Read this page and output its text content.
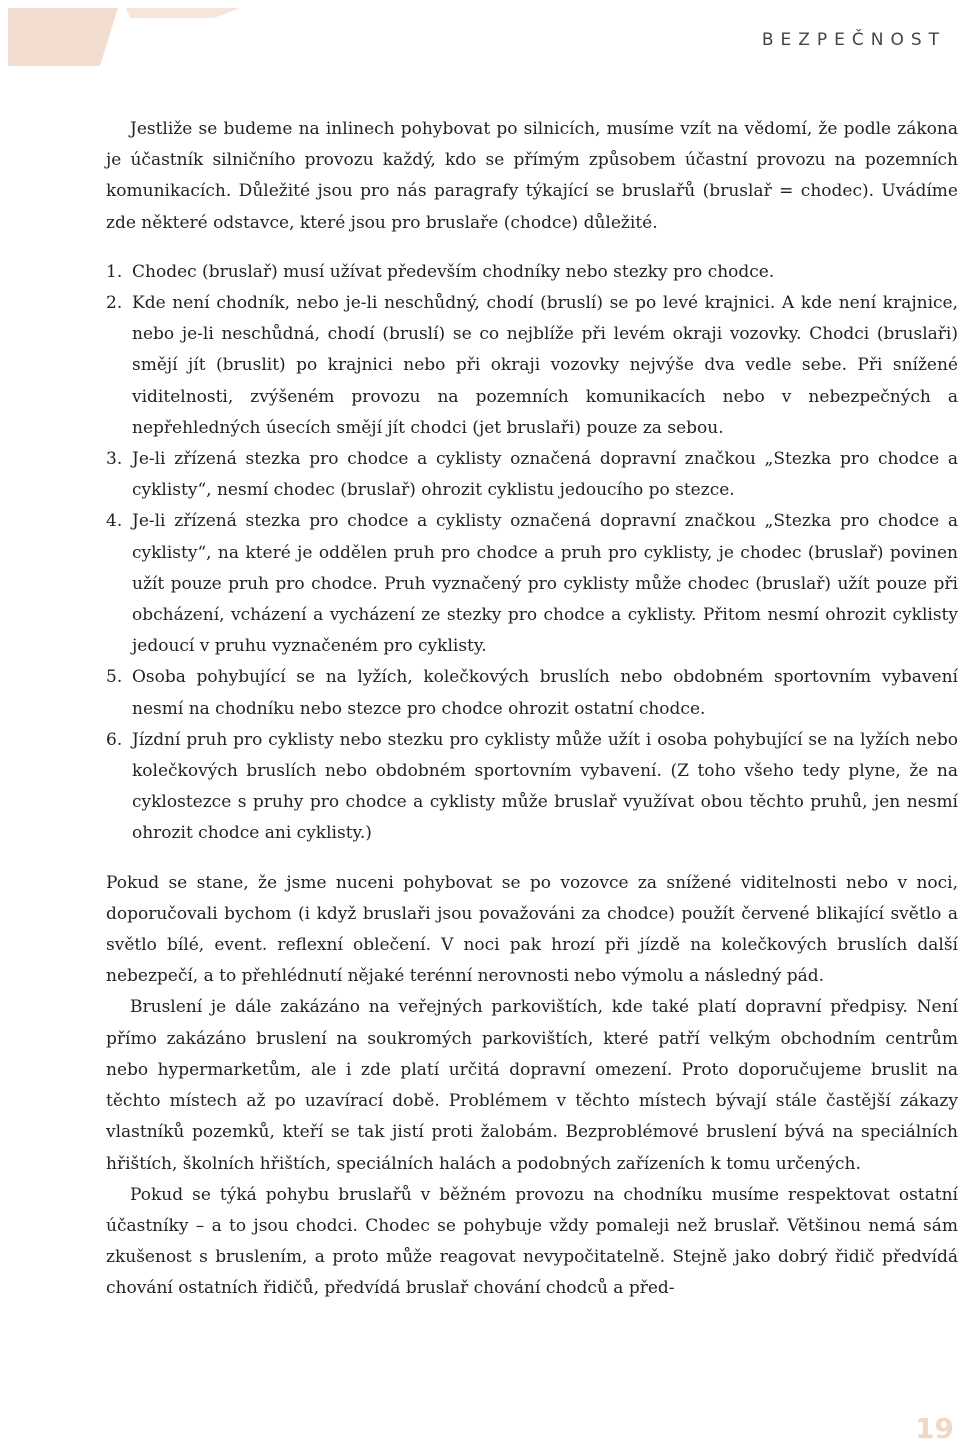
BEZPEČNOST

Jestliže se budeme na inlinech pohybovat po silnicích, musíme vzít na vědomí, že podle zákona je účastník silničního provozu každý, kdo se přímým způsobem účastní provozu na pozemních komunikacích. Důležité jsou pro nás paragrafy týkající se bruslařů (bruslař = chodec). Uvádíme zde některé odstavce, které jsou pro bruslaře (chodce) důležité.

1. Chodec (bruslař) musí užívat především chodníky nebo stezky pro chodce.
2. Kde není chodník, nebo je-li neschůdný, chodí (bruslí) se po levé krajnici. A kde není krajnice, nebo je-li neschůdná, chodí (bruslí) se co nejblíže při levém okraji vozovky. Chodci (bruslaři) smějí jít (bruslit) po krajnici nebo při okraji vozovky nejvýše dva vedle sebe. Při snížené viditelnosti, zvýšeném provozu na pozemních komunikacích nebo v nebezpečných a nepřehledných úsecích smějí jít chodci (jet bruslaři) pouze za sebou.
3. Je-li zřízená stezka pro chodce a cyklisty označená dopravní značkou „Stezka pro chodce a cyklisty“, nesmí chodec (bruslař) ohrozit cyklistu jedoucího po stezce.
4. Je-li zřízená stezka pro chodce a cyklisty označená dopravní značkou „Stezka pro chodce a cyklisty“, na které je oddělen pruh pro chodce a pruh pro cyklisty, je chodec (bruslař) povinen užít pouze pruh pro chodce. Pruh vyznačený pro cyklisty může chodec (bruslař) užít pouze při obcházení, vcházení a vycházení ze stezky pro chodce a cyklisty. Přitom nesmí ohrozit cyklisty jedoucí v pruhu vyznačeném pro cyklisty.
5. Osoba pohybující se na lyžích, kolečkových bruslích nebo obdobném sportovním vybavení nesmí na chodníku nebo stezce pro chodce ohrozit ostatní chodce.
6. Jízdní pruh pro cyklisty nebo stezku pro cyklisty může užít i osoba pohybující se na lyžích nebo kolečkových bruslích nebo obdobném sportovním vybavení. (Z toho všeho tedy plyne, že na cyklostezce s pruhy pro chodce a cyklisty může bruslař využívat obou těchto pruhů, jen nesmí ohrozit chodce ani cyklisty.)

Pokud se stane, že jsme nuceni pohybovat se po vozovce za snížené viditelnosti nebo v noci, doporučovali bychom (i když bruslaři jsou považováni za chodce) použít červené blikající světlo a světlo bílé, event. reflexní oblečení. V noci pak hrozí při jízdě na kolečkových bruslích další nebezpečí, a to přehlédnutí nějaké terénní nerovnosti nebo výmolu a následný pád.

Bruslení je dále zakázáno na veřejných parkovištích, kde také platí dopravní předpisy. Není přímo zakázáno bruslení na soukromých parkovištích, které patří velkým obchodním centrům nebo hypermarketům, ale i zde platí určitá dopravní omezení. Proto doporučujeme bruslit na těchto místech až po uzavírací době. Problémem v těchto místech bývají stále častější zákazy vlastníků pozemků, kteří se tak jistí proti žalobám. Bezproblémové bruslení bývá na speciálních hřištích, školních hřištích, speciálních halách a podobných zařízeních k tomu určených.

Pokud se týká pohybu bruslařů v běžném provozu na chodníku musíme respektovat ostatní účastníky – a to jsou chodci. Chodec se pohybuje vždy pomaleji než bruslař. Většinou nemá sám zkušenost s bruslením, a proto může reagovat nevypočitatelně. Stejně jako dobrý řidič předvídá chování ostatních řidičů, předvídá bruslař chování chodců a před-

19
